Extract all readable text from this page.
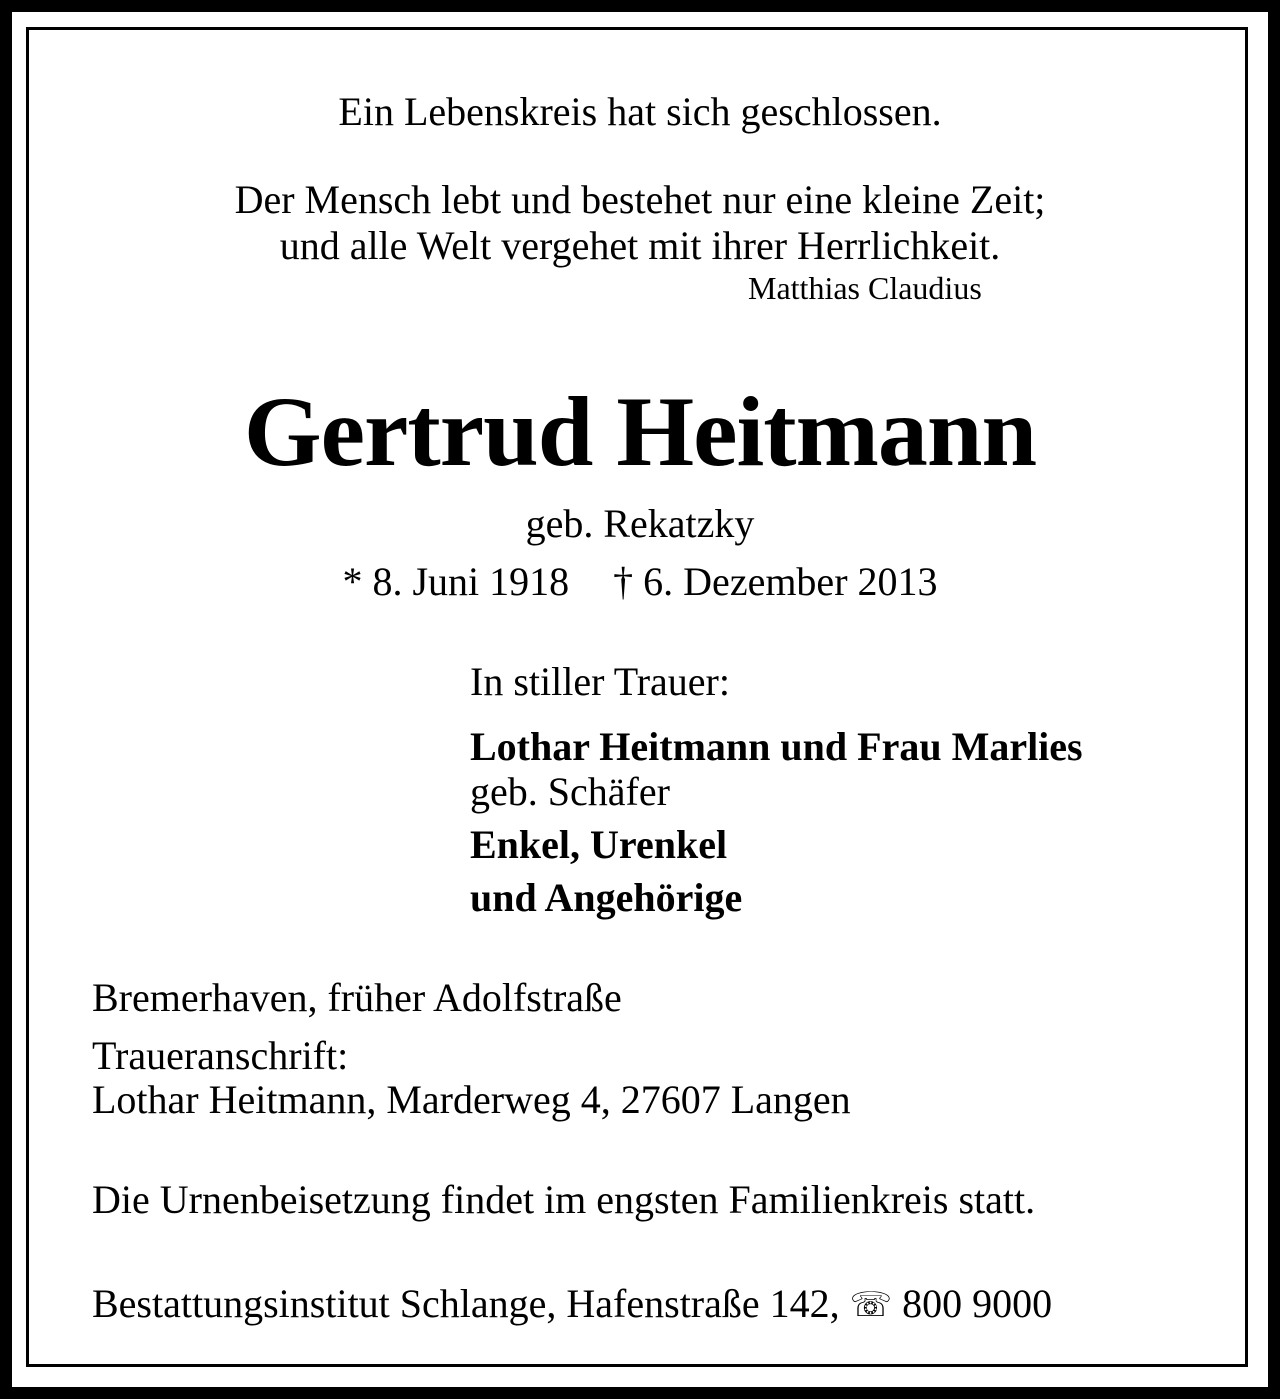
Ein Lebenskreis hat sich geschlossen.
Der Mensch lebt und bestehet nur eine kleine Zeit;
und alle Welt vergehet mit ihrer Herrlichkeit.
Matthias Claudius
Gertrud Heitmann
geb. Rekatzky
* 8. Juni 1918 † 6. Dezember 2013
In stiller Trauer:
Lothar Heitmann und Frau Marlies
geb. Schäfer
Enkel, Urenkel
und Angehörige
Bremerhaven, früher Adolfstraße
Traueranschrift:
Lothar Heitmann, Marderweg 4, 27607 Langen
Die Urnenbeisetzung findet im engsten Familienkreis statt.
Bestattungsinstitut Schlange, Hafenstraße 142, ☏ 800 9000
